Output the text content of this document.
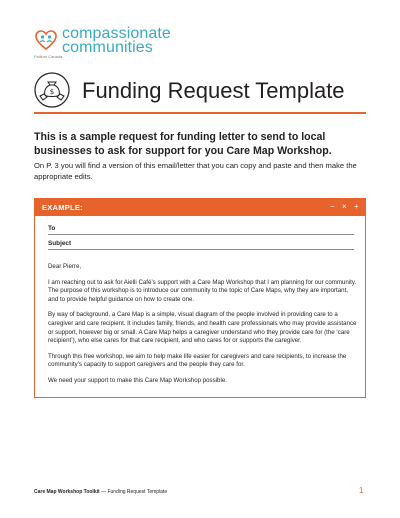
compassionate
communities
Pallium Canada
$ Funding Request Template
This is a sample request for funding letter to send to local businesses to ask for support for you Care Map Workshop.
On P. 3 you will find a version of this email/letter that you can copy and paste and then make the appropriate edits.
EXAMPLE:	− × +
To
Subject

Dear Pierre,

I am reaching out to ask for Aielli Café’s support with a Care Map Workshop that I am planning for our community. The purpose of this workshop is to introduce our community to the topic of Care Maps, why they are important, and to provide helpful guidance on how to create one.

By way of background, a Care Map is a simple, visual diagram of the people involved in providing care to a caregiver and care recipient. It includes family, friends, and health care professionals who may provide assistance or support, however big or small. A Care Map helps a caregiver understand who they provide care for (the ‘care recipient’), who else cares for that care recipient, and who cares for or supports the caregiver.

Through this free workshop, we aim to help make life easier for caregivers and care recipients, to increase the community’s capacity to support caregivers and the people they care for.

We need your support to make this Care Map Workshop possible.

Care Map Workshop Toolkit — Funding Request Template	1
